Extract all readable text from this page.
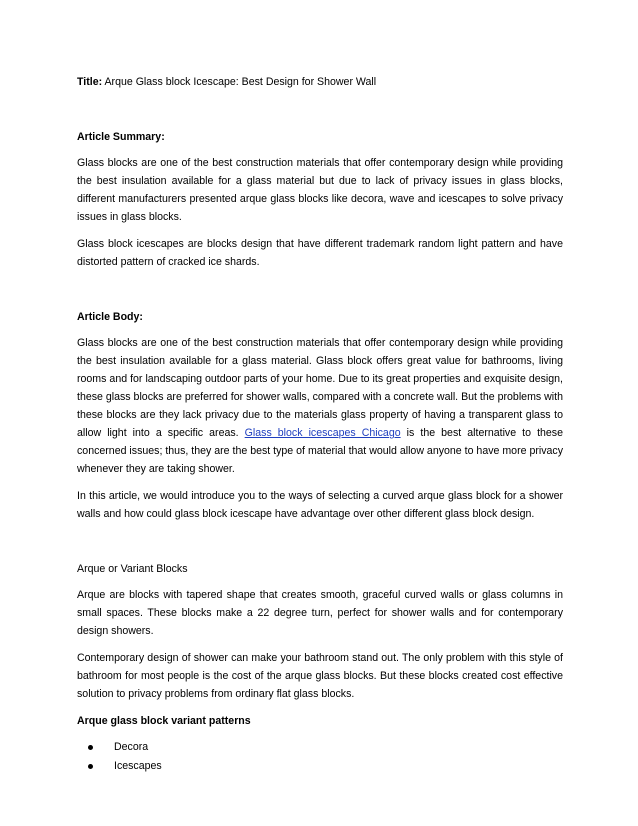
Title: Arque Glass block Icescape: Best Design for Shower Wall

Article Summary:

Glass blocks are one of the best construction materials that offer contemporary design while providing the best insulation available for a glass material but due to lack of privacy issues in glass blocks, different manufacturers presented arque glass blocks like decora, wave and icescapes to solve privacy issues in glass blocks.

Glass block icescapes are blocks design that have different trademark random light pattern and have distorted pattern of cracked ice shards.

Article Body:

Glass blocks are one of the best construction materials that offer contemporary design while providing the best insulation available for a glass material. Glass block offers great value for bathrooms, living rooms and for landscaping outdoor parts of your home. Due to its great properties and exquisite design, these glass blocks are preferred for shower walls, compared with a concrete wall. But the problems with these blocks are they lack privacy due to the materials glass property of having a transparent glass to allow light into a specific areas. Glass block icescapes Chicago is the best alternative to these concerned issues; thus, they are the best type of material that would allow anyone to have more privacy whenever they are taking shower.

In this article, we would introduce you to the ways of selecting a curved arque glass block for a shower walls and how could glass block icescape have advantage over other different glass block design.

Arque or Variant Blocks

Arque are blocks with tapered shape that creates smooth, graceful curved walls or glass columns in small spaces. These blocks make a 22 degree turn, perfect for shower walls and for contemporary design showers.

Contemporary design of shower can make your bathroom stand out. The only problem with this style of bathroom for most people is the cost of the arque glass blocks. But these blocks created cost effective solution to privacy problems from ordinary flat glass blocks.

Arque glass block variant patterns

Decora
Icescapes
